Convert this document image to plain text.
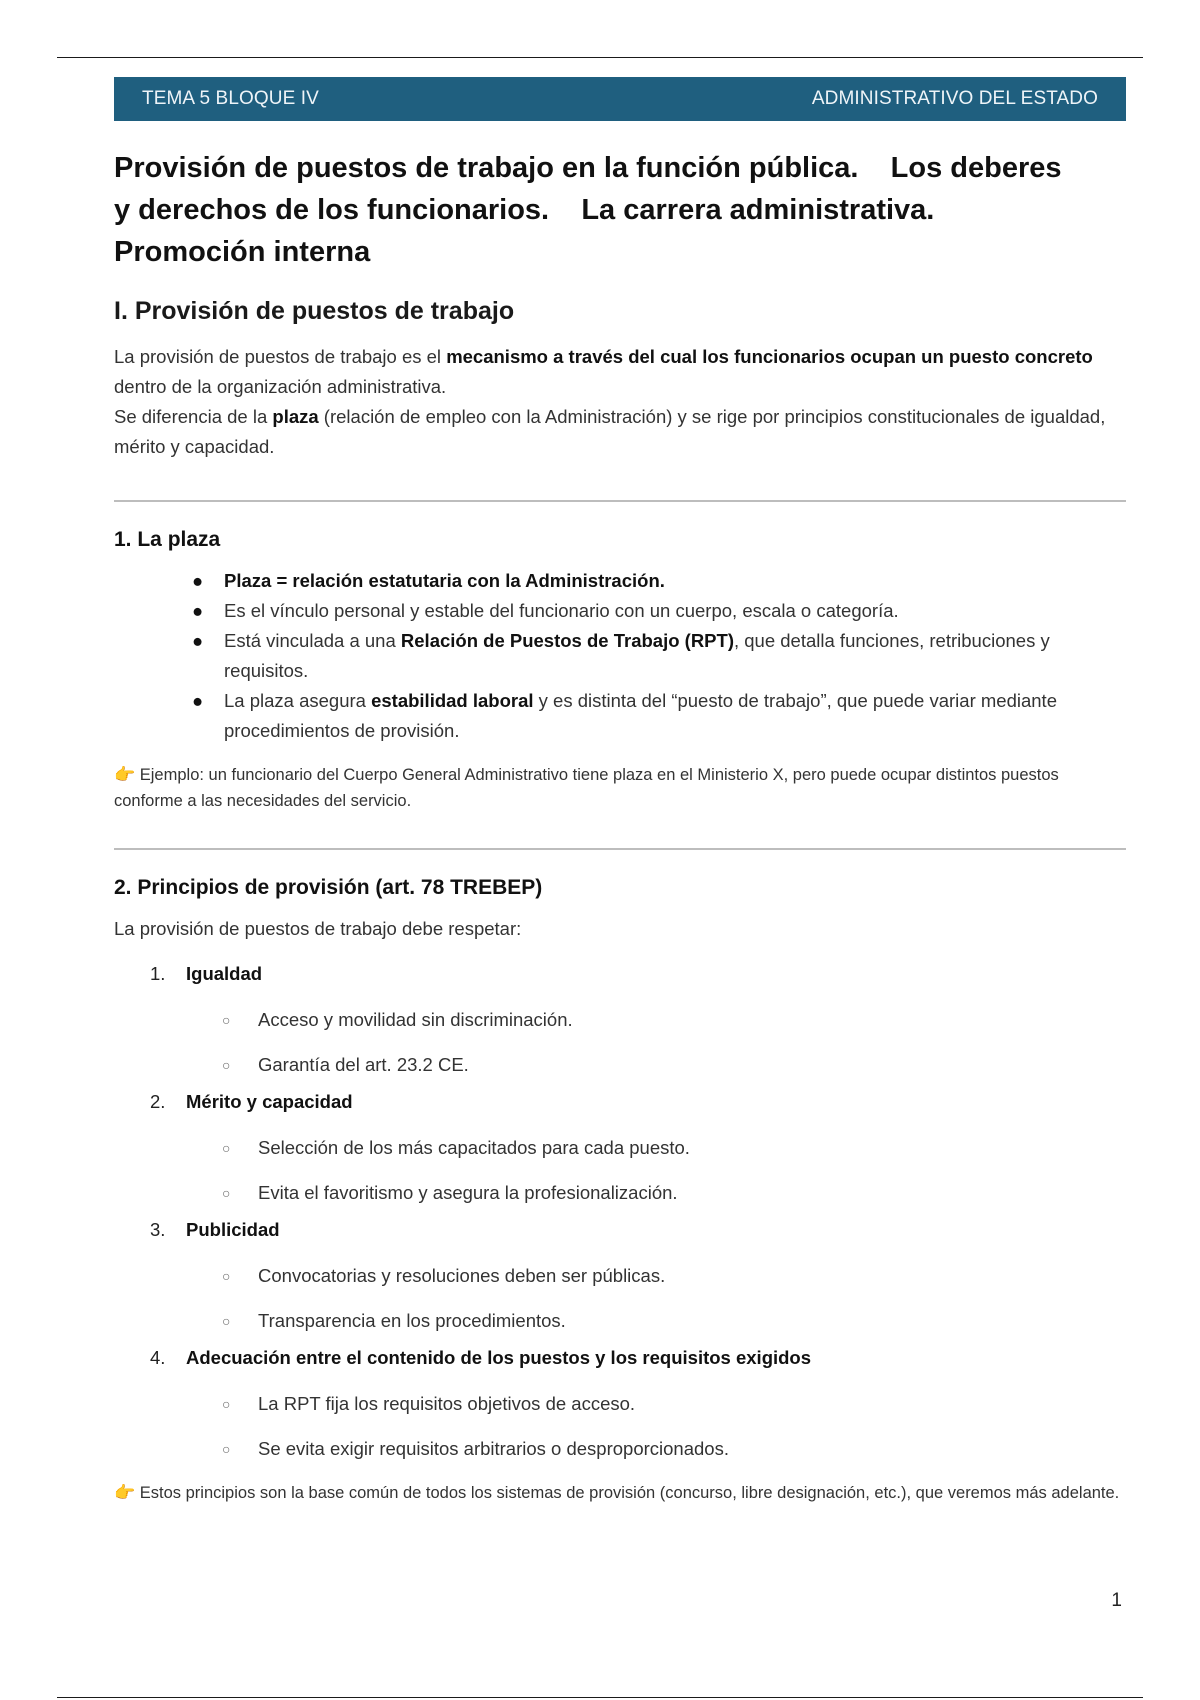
TEMA 5 BLOQUE IV	ADMINISTRATIVO DEL ESTADO
Provisión de puestos de trabajo en la función pública.    Los deberes
y derechos de los funcionarios.    La carrera administrativa.
Promoción interna
I. Provisión de puestos de trabajo

La provisión de puestos de trabajo es el mecanismo a través del cual los funcionarios ocupan un puesto concreto dentro de la organización administrativa.
Se diferencia de la plaza (relación de empleo con la Administración) y se rige por principios constitucionales de igualdad, mérito y capacidad.

1. La plaza
● Plaza = relación estatutaria con la Administración.
● Es el vínculo personal y estable del funcionario con un cuerpo, escala o categoría.
● Está vinculada a una Relación de Puestos de Trabajo (RPT), que detalla funciones, retribuciones y requisitos.
● La plaza asegura estabilidad laboral y es distinta del “puesto de trabajo”, que puede variar mediante procedimientos de provisión.

👉 Ejemplo: un funcionario del Cuerpo General Administrativo tiene plaza en el Ministerio X, pero puede ocupar distintos puestos conforme a las necesidades del servicio.

2. Principios de provisión (art. 78 TREBEP)

La provisión de puestos de trabajo debe respetar:

1.	Igualdad
○ Acceso y movilidad sin discriminación.
○ Garantía del art. 23.2 CE.
2.	Mérito y capacidad
○ Selección de los más capacitados para cada puesto.
○ Evita el favoritismo y asegura la profesionalización.
3.	Publicidad
○ Convocatorias y resoluciones deben ser públicas.
○ Transparencia en los procedimientos.
4.	Adecuación entre el contenido de los puestos y los requisitos exigidos
○ La RPT fija los requisitos objetivos de acceso.
○ Se evita exigir requisitos arbitrarios o desproporcionados.

👉 Estos principios son la base común de todos los sistemas de provisión (concurso, libre designación, etc.), que veremos más adelante.

1
